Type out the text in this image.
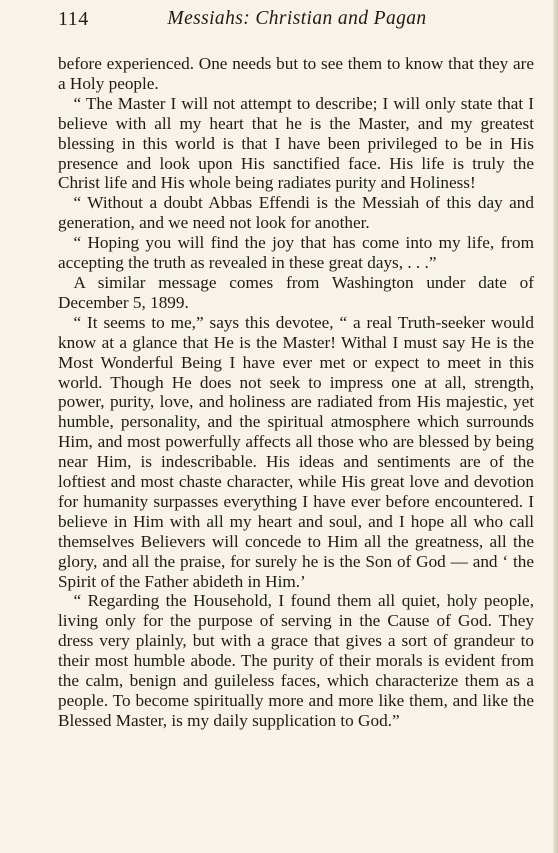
114	Messiahs: Christian and Pagan

before experienced. One needs but to see them to know that they are a Holy people.

“ The Master I will not attempt to describe; I will only state that I believe with all my heart that he is the Master, and my greatest blessing in this world is that I have been privileged to be in His presence and look upon His sanctified face. His life is truly the Christ life and His whole being radiates purity and Holiness!

“ Without a doubt Abbas Effendi is the Messiah of this day and generation, and we need not look for another.

“ Hoping you will find the joy that has come into my life, from accepting the truth as revealed in these great days, . . .”

A similar message comes from Washington under date of December 5, 1899.

“ It seems to me,” says this devotee, “ a real Truth-seeker would know at a glance that He is the Master! Withal I must say He is the Most Wonderful Being I have ever met or expect to meet in this world. Though He does not seek to impress one at all, strength, power, purity, love, and holiness are radiated from His majestic, yet humble, personality, and the spiritual atmosphere which surrounds Him, and most powerfully affects all those who are blessed by being near Him, is indescribable. His ideas and sentiments are of the loftiest and most chaste character, while His great love and devotion for humanity surpasses everything I have ever before encountered. I believe in Him with all my heart and soul, and I hope all who call themselves Believers will concede to Him all the greatness, all the glory, and all the praise, for surely he is the Son of God — and ‘ the Spirit of the Father abideth in Him.’

“ Regarding the Household, I found them all quiet, holy people, living only for the purpose of serving in the Cause of God. They dress very plainly, but with a grace that gives a sort of grandeur to their most humble abode. The purity of their morals is evident from the calm, benign and guileless faces, which characterize them as a people. To become spiritually more and more like them, and like the Blessed Master, is my daily supplication to God.”
